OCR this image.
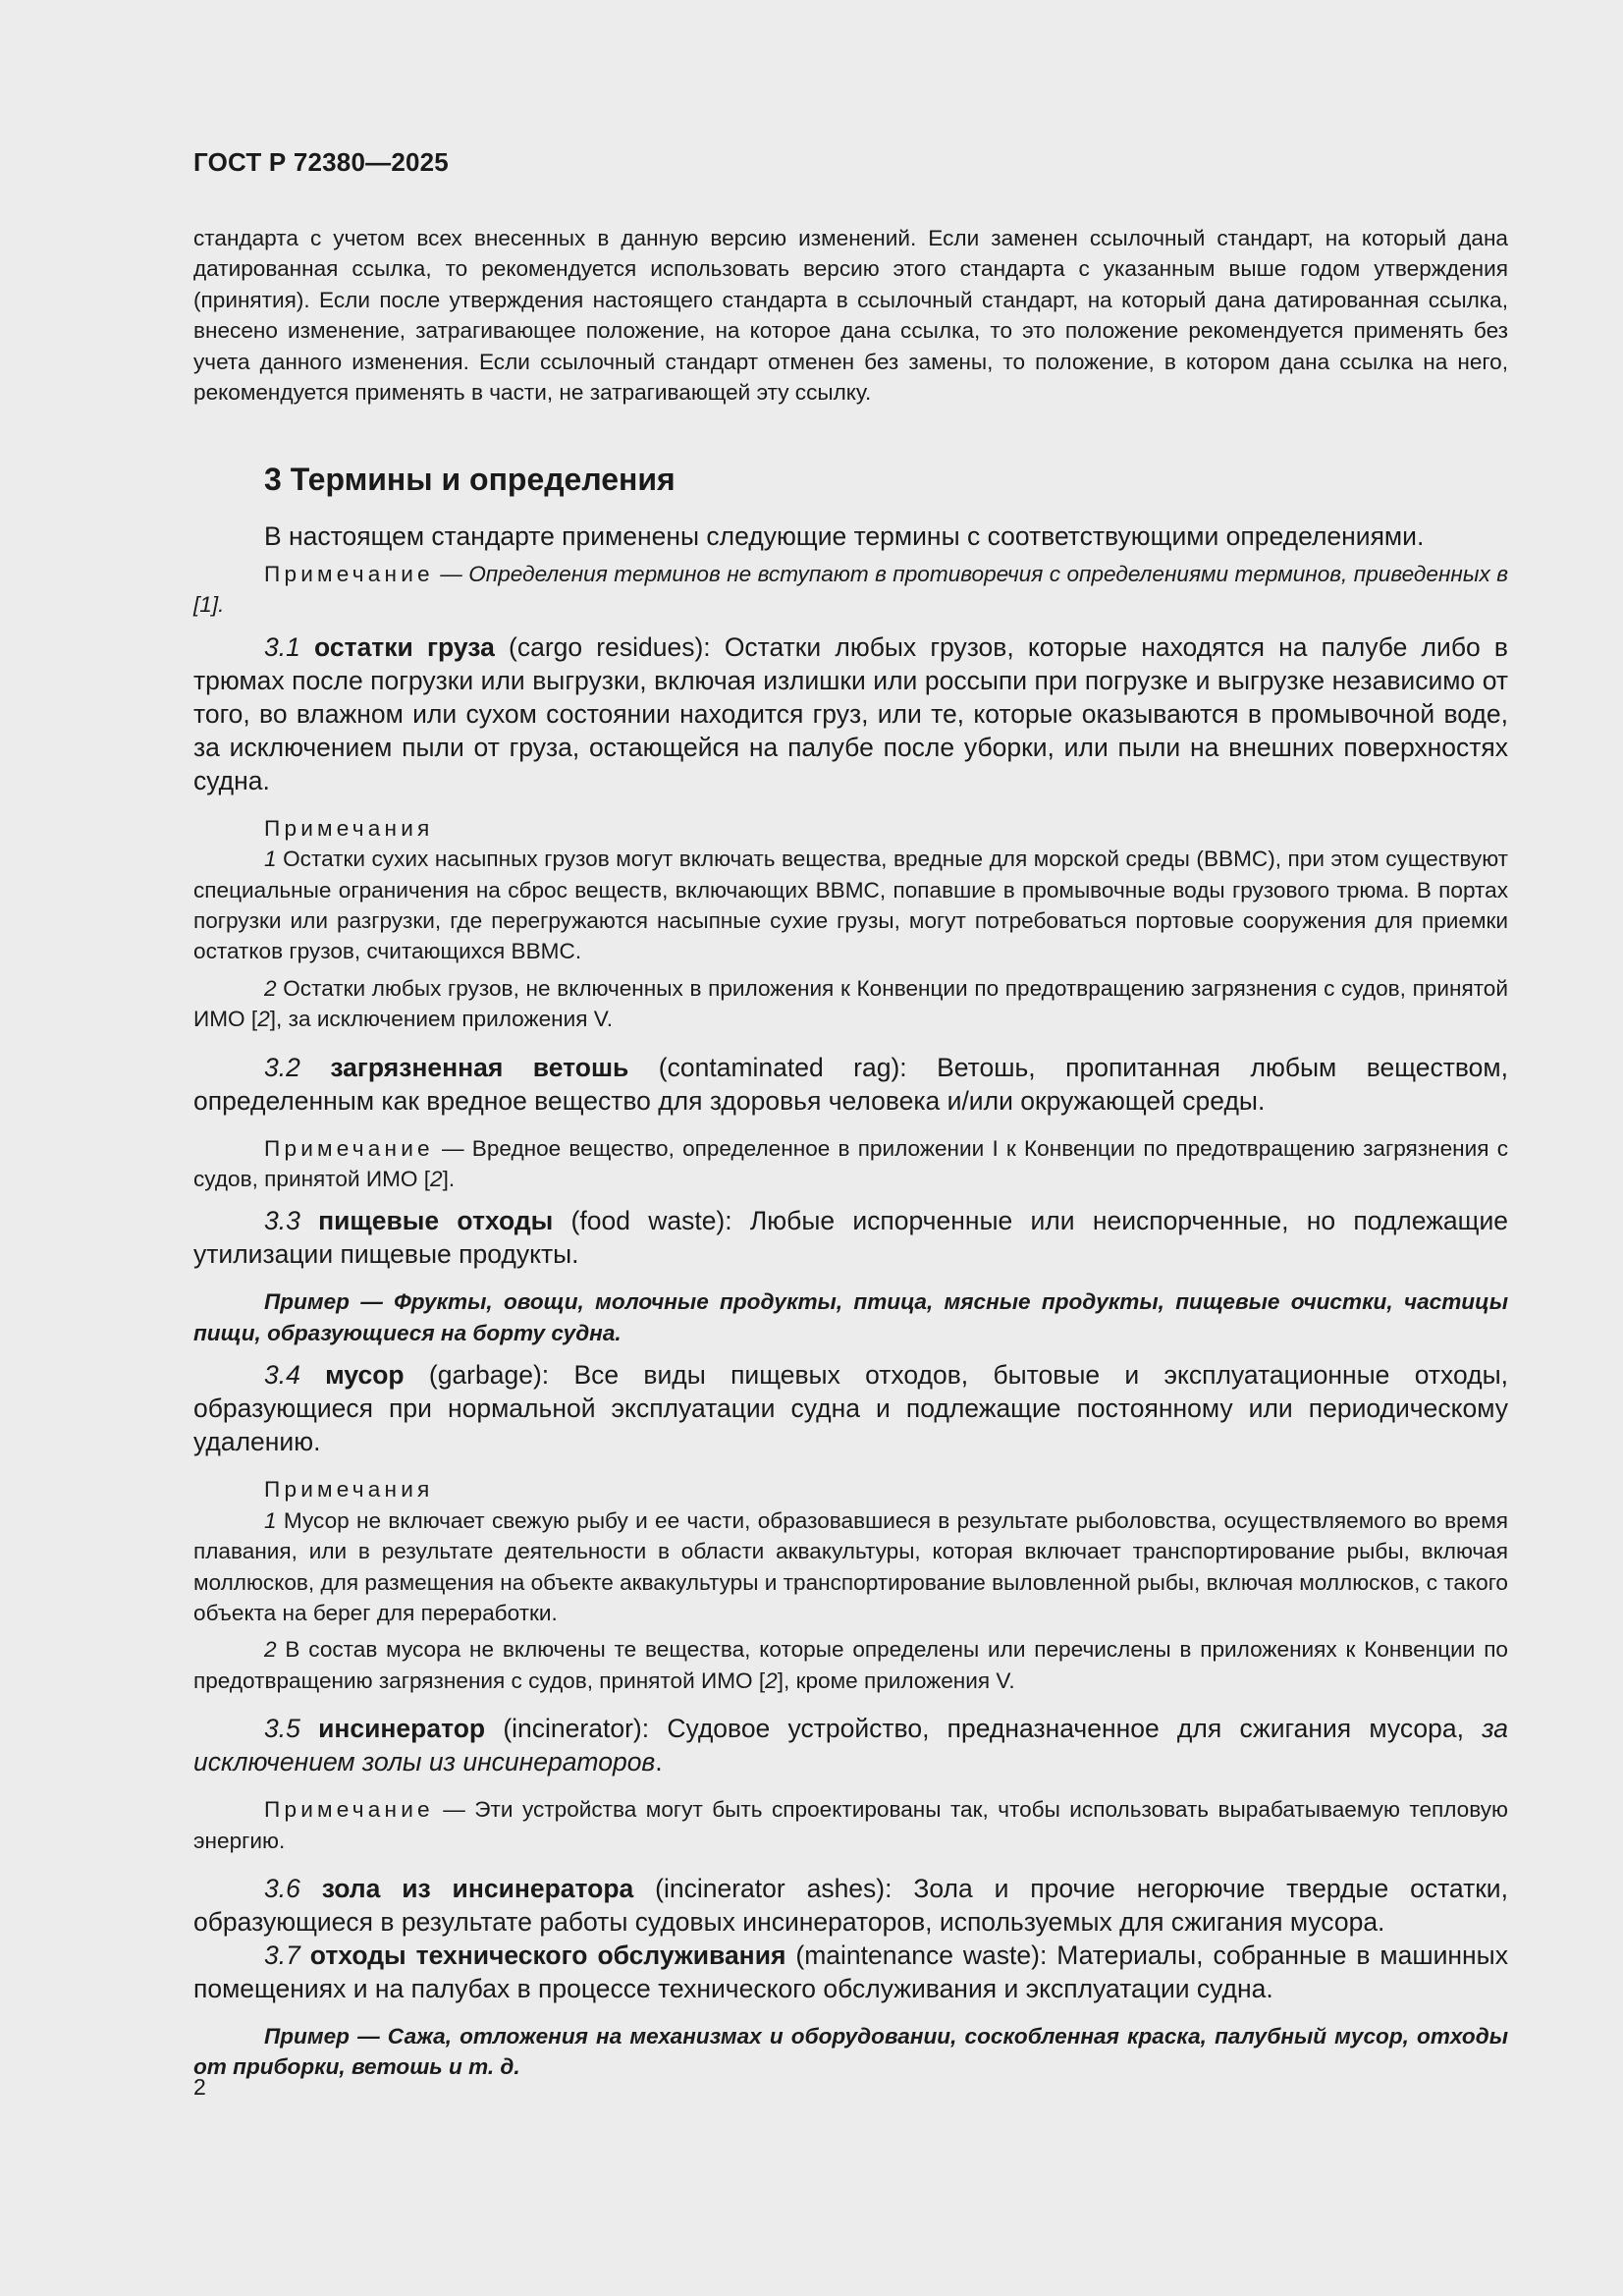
ГОСТ Р 72380—2025

стандарта с учетом всех внесенных в данную версию изменений. Если заменен ссылочный стандарт, на который дана датированная ссылка, то рекомендуется использовать версию этого стандарта с указанным выше годом утверждения (принятия). Если после утверждения настоящего стандарта в ссылочный стандарт, на который дана датированная ссылка, внесено изменение, затрагивающее положение, на которое дана ссылка, то это положение рекомендуется применять без учета данного изменения. Если ссылочный стандарт отменен без замены, то положение, в котором дана ссылка на него, рекомендуется применять в части, не затрагивающей эту ссылку.

3 Термины и определения

В настоящем стандарте применены следующие термины с соответствующими определениями.

Примечание — Определения терминов не вступают в противоречия с определениями терминов, приведенных в [1].

3.1 остатки груза (cargo residues): Остатки любых грузов, которые находятся на палубе либо в трюмах после погрузки или выгрузки, включая излишки или россыпи при погрузке и выгрузке независимо от того, во влажном или сухом состоянии находится груз, или те, которые оказываются в промывочной воде, за исключением пыли от груза, остающейся на палубе после уборки, или пыли на внешних поверхностях судна.

Примечания

1 Остатки сухих насыпных грузов могут включать вещества, вредные для морской среды (ВВМС), при этом существуют специальные ограничения на сброс веществ, включающих ВВМС, попавшие в промывочные воды грузового трюма. В портах погрузки или разгрузки, где перегружаются насыпные сухие грузы, могут потребоваться портовые сооружения для приемки остатков грузов, считающихся ВВМС.

2 Остатки любых грузов, не включенных в приложения к Конвенции по предотвращению загрязнения с судов, принятой ИМО [2], за исключением приложения V.

3.2 загрязненная ветошь (contaminated rag): Ветошь, пропитанная любым веществом, определенным как вредное вещество для здоровья человека и/или окружающей среды.

Примечание — Вредное вещество, определенное в приложении I к Конвенции по предотвращению загрязнения с судов, принятой ИМО [2].

3.3 пищевые отходы (food waste): Любые испорченные или неиспорченные, но подлежащие утилизации пищевые продукты.

Пример — Фрукты, овощи, молочные продукты, птица, мясные продукты, пищевые очистки, частицы пищи, образующиеся на борту судна.

3.4 мусор (garbage): Все виды пищевых отходов, бытовые и эксплуатационные отходы, образующиеся при нормальной эксплуатации судна и подлежащие постоянному или периодическому удалению.

Примечания

1 Мусор не включает свежую рыбу и ее части, образовавшиеся в результате рыболовства, осуществляемого во время плавания, или в результате деятельности в области аквакультуры, которая включает транспортирование рыбы, включая моллюсков, для размещения на объекте аквакультуры и транспортирование выловленной рыбы, включая моллюсков, с такого объекта на берег для переработки.

2 В состав мусора не включены те вещества, которые определены или перечислены в приложениях к Конвенции по предотвращению загрязнения с судов, принятой ИМО [2], кроме приложения V.

3.5 инсинератор (incinerator): Судовое устройство, предназначенное для сжигания мусора, за исключением золы из инсинераторов.

Примечание — Эти устройства могут быть спроектированы так, чтобы использовать вырабатываемую тепловую энергию.

3.6 зола из инсинератора (incinerator ashes): Зола и прочие негорючие твердые остатки, образующиеся в результате работы судовых инсинераторов, используемых для сжигания мусора.

3.7 отходы технического обслуживания (maintenance waste): Материалы, собранные в машинных помещениях и на палубах в процессе технического обслуживания и эксплуатации судна.

Пример — Сажа, отложения на механизмах и оборудовании, соскобленная краска, палубный мусор, отходы от приборки, ветошь и т. д.

2
